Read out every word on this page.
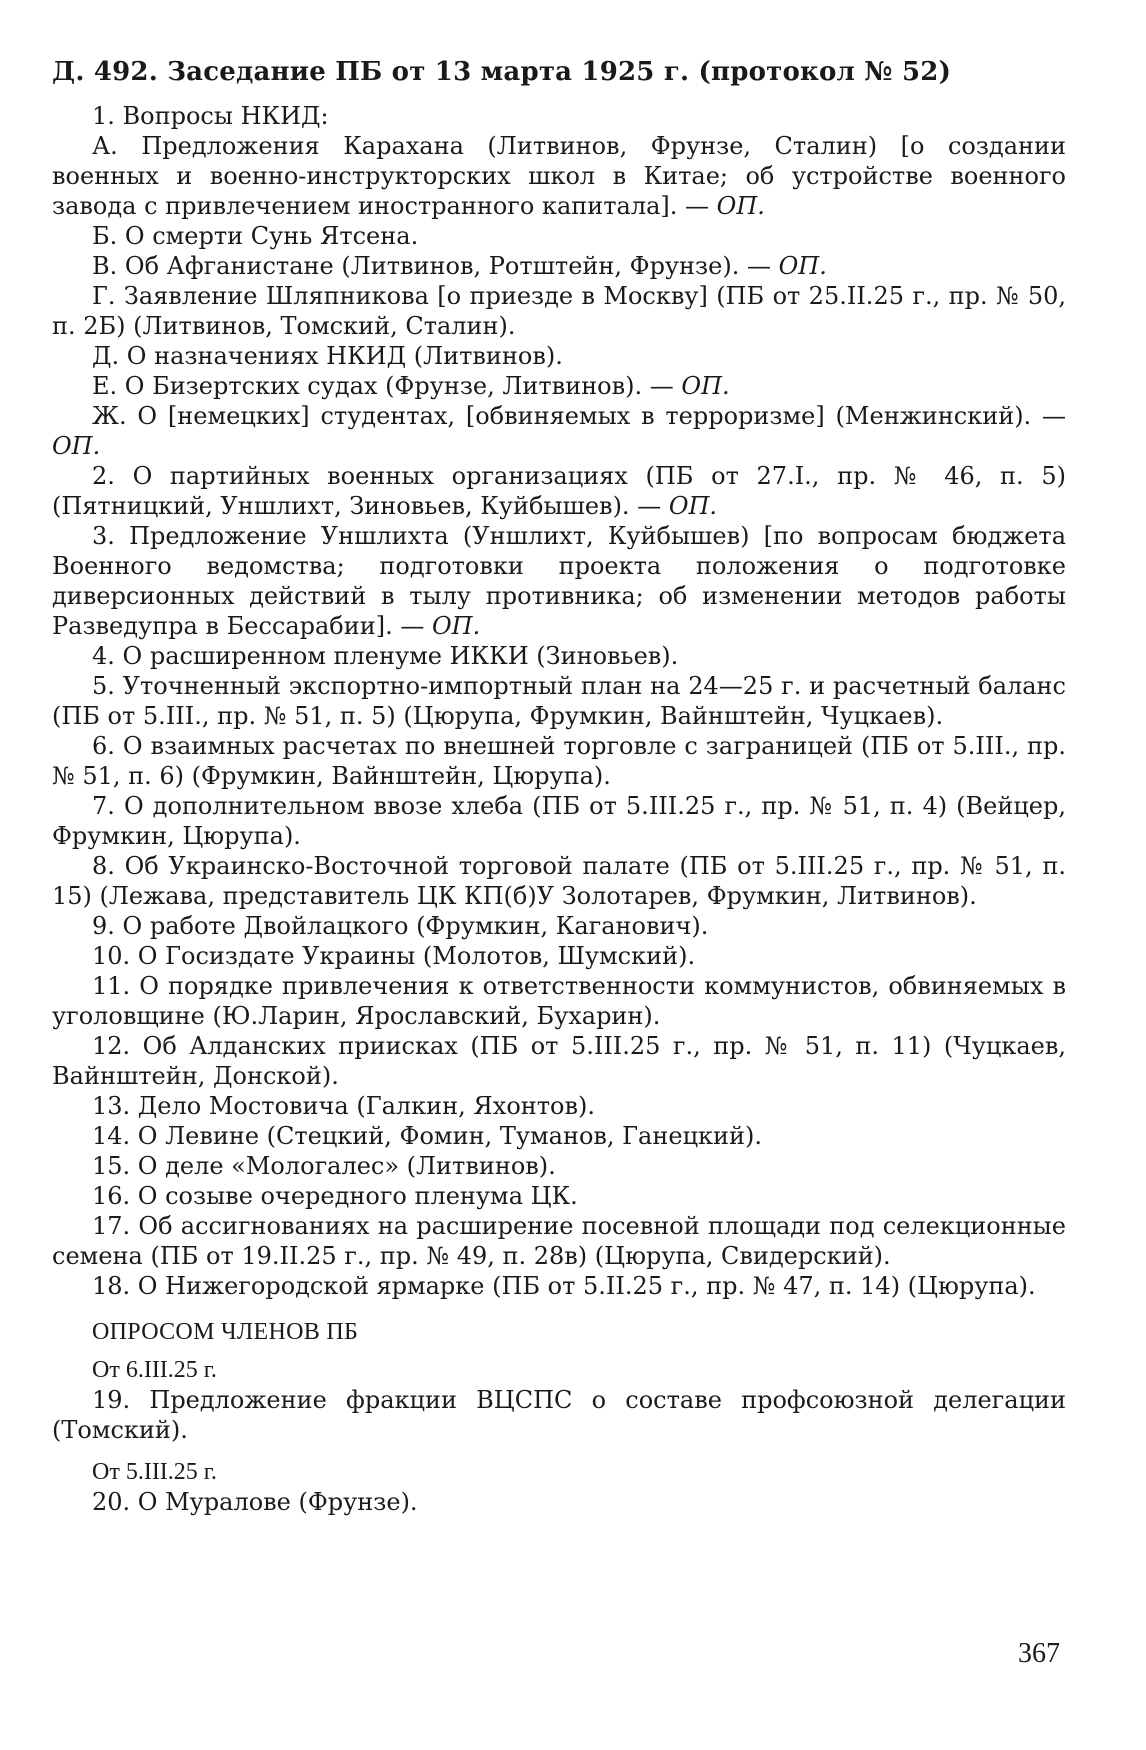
Д. 492. Заседание ПБ от 13 марта 1925 г. (протокол № 52)
1. Вопросы НКИД:
А. Предложения Карахана (Литвинов, Фрунзе, Сталин) [о создании военных и военно-инструкторских школ в Китае; об устройстве военного завода с привлечением иностранного капитала]. — ОП.
Б. О смерти Сунь Ятсена.
В. Об Афганистане (Литвинов, Ротштейн, Фрунзе). — ОП.
Г. Заявление Шляпникова [о приезде в Москву] (ПБ от 25.II.25 г., пр. № 50, п. 2Б) (Литвинов, Томский, Сталин).
Д. О назначениях НКИД (Литвинов).
Е. О Бизертских судах (Фрунзе, Литвинов). — ОП.
Ж. О [немецких] студентах, [обвиняемых в терроризме] (Менжинский). — ОП.
2. О партийных военных организациях (ПБ от 27.I., пр. № 46, п. 5) (Пятницкий, Уншлихт, Зиновьев, Куйбышев). — ОП.
3. Предложение Уншлихта (Уншлихт, Куйбышев) [по вопросам бюджета Военного ведомства; подготовки проекта положения о подготовке диверсионных действий в тылу противника; об изменении методов работы Разведупра в Бессарабии]. — ОП.
4. О расширенном пленуме ИККИ (Зиновьев).
5. Уточненный экспортно-импортный план на 24—25 г. и расчетный баланс (ПБ от 5.III., пр. № 51, п. 5) (Цюрупа, Фрумкин, Вайнштейн, Чуцкаев).
6. О взаимных расчетах по внешней торговле с заграницей (ПБ от 5.III., пр. № 51, п. 6) (Фрумкин, Вайнштейн, Цюрупа).
7. О дополнительном ввозе хлеба (ПБ от 5.III.25 г., пр. № 51, п. 4) (Вейцер, Фрумкин, Цюрупа).
8. Об Украинско-Восточной торговой палате (ПБ от 5.III.25 г., пр. № 51, п. 15) (Лежава, представитель ЦК КП(б)У Золотарев, Фрумкин, Литвинов).
9. О работе Двойлацкого (Фрумкин, Каганович).
10. О Госиздате Украины (Молотов, Шумский).
11. О порядке привлечения к ответственности коммунистов, обвиняемых в уголовщине (Ю.Ларин, Ярославский, Бухарин).
12. Об Алданских приисках (ПБ от 5.III.25 г., пр. № 51, п. 11) (Чуцкаев, Вайнштейн, Донской).
13. Дело Мостовича (Галкин, Яхонтов).
14. О Левине (Стецкий, Фомин, Туманов, Ганецкий).
15. О деле «Мологалес» (Литвинов).
16. О созыве очередного пленума ЦК.
17. Об ассигнованиях на расширение посевной площади под селекционные семена (ПБ от 19.II.25 г., пр. № 49, п. 28в) (Цюрупа, Свидерский).
18. О Нижегородской ярмарке (ПБ от 5.II.25 г., пр. № 47, п. 14) (Цюрупа).
ОПРОСОМ ЧЛЕНОВ ПБ
От 6.III.25 г.
19. Предложение фракции ВЦСПС о составе профсоюзной делегации (Томский).
От 5.III.25 г.
20. О Муралове (Фрунзе).
367
